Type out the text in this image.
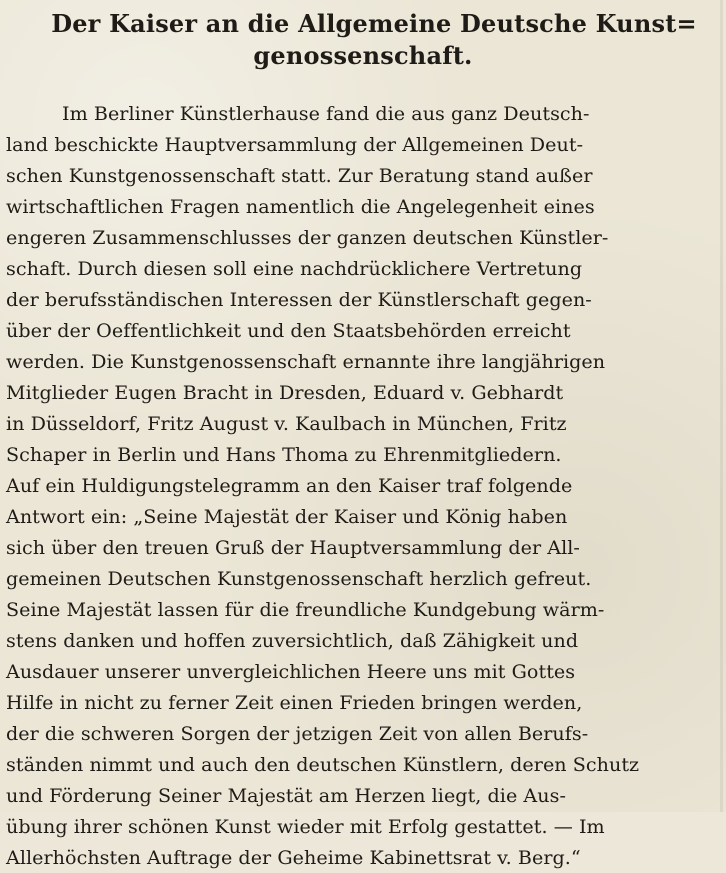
Der Kaiser an die Allgemeine Deutsche Kunst=
genossenschaft.
Im Berliner Künstlerhause fand die aus ganz Deutsch-
land beschickte Hauptversammlung der Allgemeinen Deut-
schen Kunstgenossenschaft statt. Zur Beratung stand außer
wirtschaftlichen Fragen namentlich die Angelegenheit eines
engeren Zusammenschlusses der ganzen deutschen Künstler-
schaft. Durch diesen soll eine nachdrücklichere Vertretung
der berufsständischen Interessen der Künstlerschaft gegen-
über der Oeffentlichkeit und den Staatsbehörden erreicht
werden. Die Kunstgenossenschaft ernannte ihre langjährigen
Mitglieder Eugen Bracht in Dresden, Eduard v. Gebhardt
in Düsseldorf, Fritz August v. Kaulbach in München, Fritz
Schaper in Berlin und Hans Thoma zu Ehrenmitgliedern.
Auf ein Huldigungstelegramm an den Kaiser traf folgende
Antwort ein: „Seine Majestät der Kaiser und König haben
sich über den treuen Gruß der Hauptversammlung der All-
gemeinen Deutschen Kunstgenossenschaft herzlich gefreut.
Seine Majestät lassen für die freundliche Kundgebung wärm-
stens danken und hoffen zuversichtlich, daß Zähigkeit und
Ausdauer unserer unvergleichlichen Heere uns mit Gottes
Hilfe in nicht zu ferner Zeit einen Frieden bringen werden,
der die schweren Sorgen der jetzigen Zeit von allen Berufs-
ständen nimmt und auch den deutschen Künstlern, deren Schutz
und Förderung Seiner Majestät am Herzen liegt, die Aus-
übung ihrer schönen Kunst wieder mit Erfolg gestattet. — Im
Allerhöchsten Auftrage der Geheime Kabinettsrat v. Berg.“
